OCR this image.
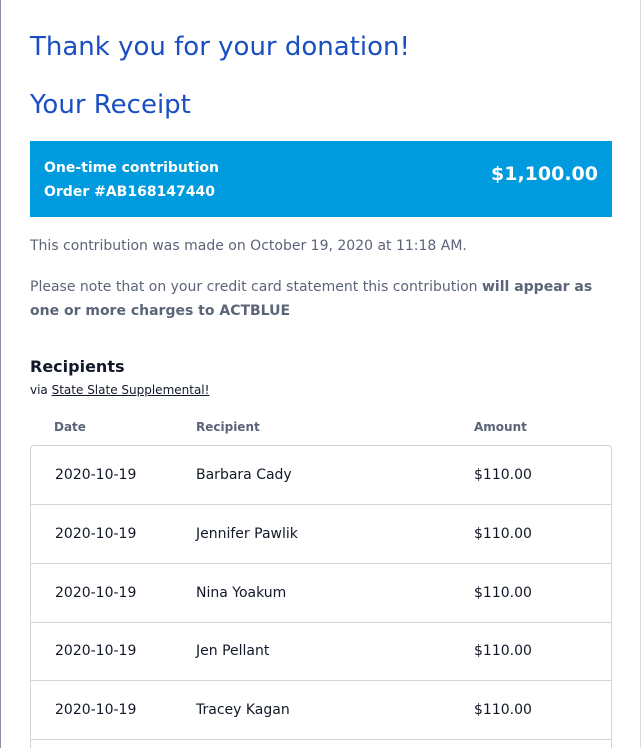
Thank you for your donation!
Your Receipt
One-time contribution
Order #AB168147440
$1,100.00
This contribution was made on October 19, 2020 at 11:18 AM.
Please note that on your credit card statement this contribution will appear as one or more charges to ACTBLUE
Recipients
via State Slate Supplemental!
Date	Recipient	Amount
2020-10-19	Barbara Cady	$110.00
2020-10-19	Jennifer Pawlik	$110.00
2020-10-19	Nina Yoakum	$110.00
2020-10-19	Jen Pellant	$110.00
2020-10-19	Tracey Kagan	$110.00
